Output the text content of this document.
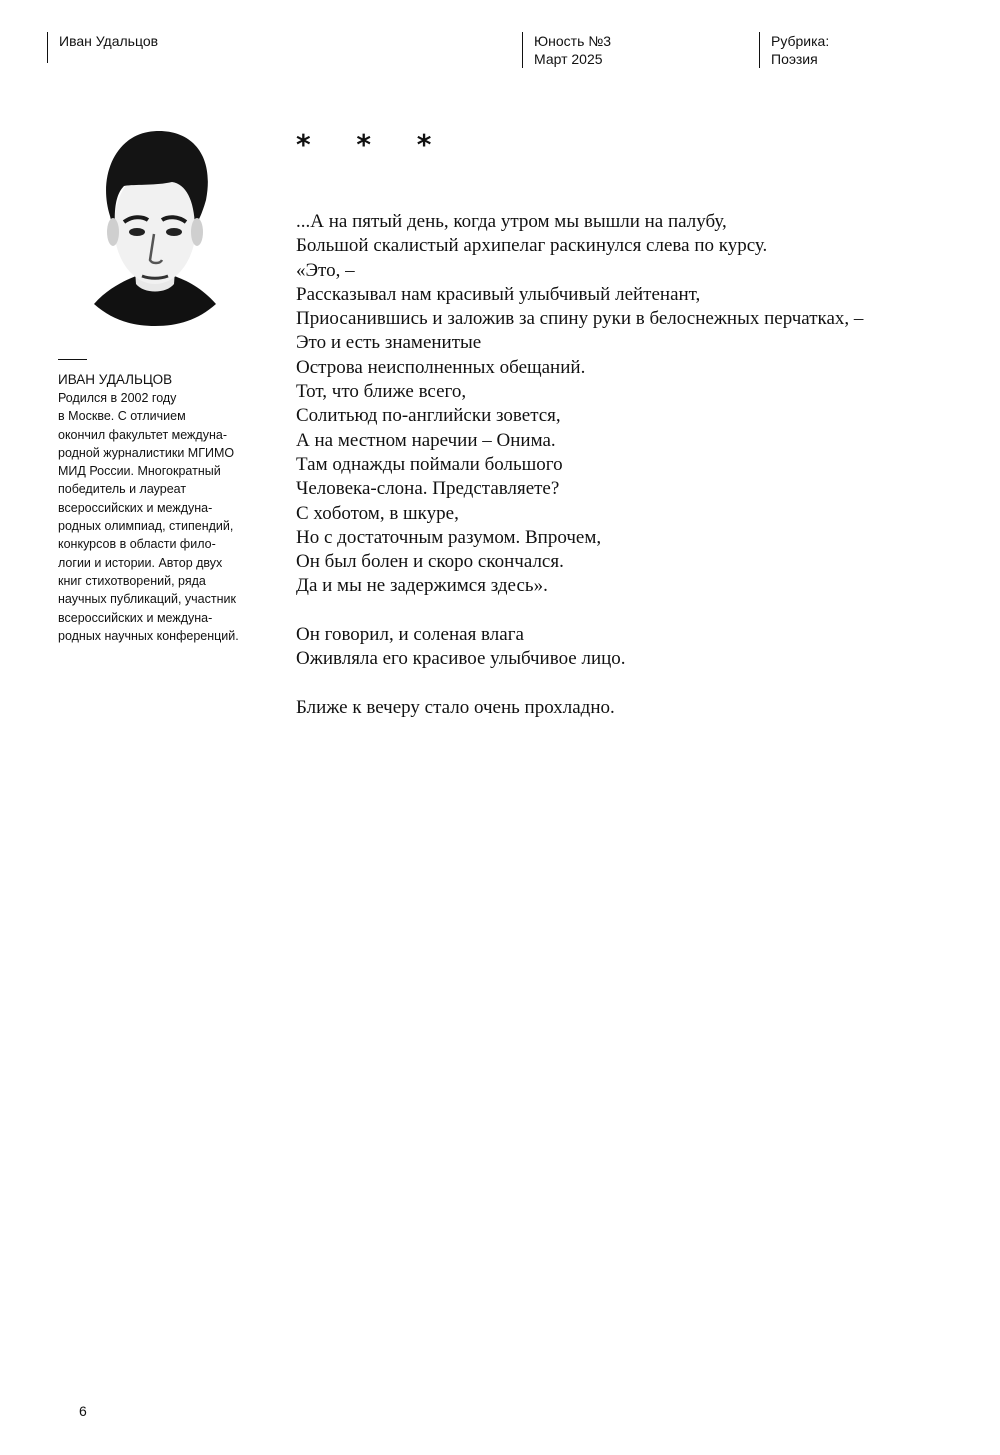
Иван Удальцов	Юность №3
Март 2025
Рубрика:
Поэзия
ИВАН УДАЛЬЦОВ
Родился в 2002 году
в Москве. С отличием
окончил факультет междуна-
родной журналистики МГИМО
МИД России. Многократный
победитель и лауреат
всероссийских и междуна-
родных олимпиад, стипендий,
конкурсов в области фило-
логии и истории. Автор двух
книг стихотворений, ряда
научных публикаций, участник
всероссийских и междуна-
родных научных конференций.
* * *
...А на пятый день, когда утром мы вышли на палубу,
Большой скалистый архипелаг раскинулся слева по курсу.
«Это, –
Рассказывал нам красивый улыбчивый лейтенант,
Приосанившись и заложив за спину руки в белоснежных перчатках, –
Это и есть знаменитые
Острова неисполненных обещаний.
Тот, что ближе всего,
Солитьюд по-английски зовется,
А на местном наречии – Онима.
Там однажды поймали большого
Человека-слона. Представляете?
С хоботом, в шкуре,
Но с достаточным разумом. Впрочем,
Он был болен и скоро скончался.
Да и мы не задержимся здесь».
Он говорил, и соленая влага
Оживляла его красивое улыбчивое лицо.
Ближе к вечеру стало очень прохладно.
6
